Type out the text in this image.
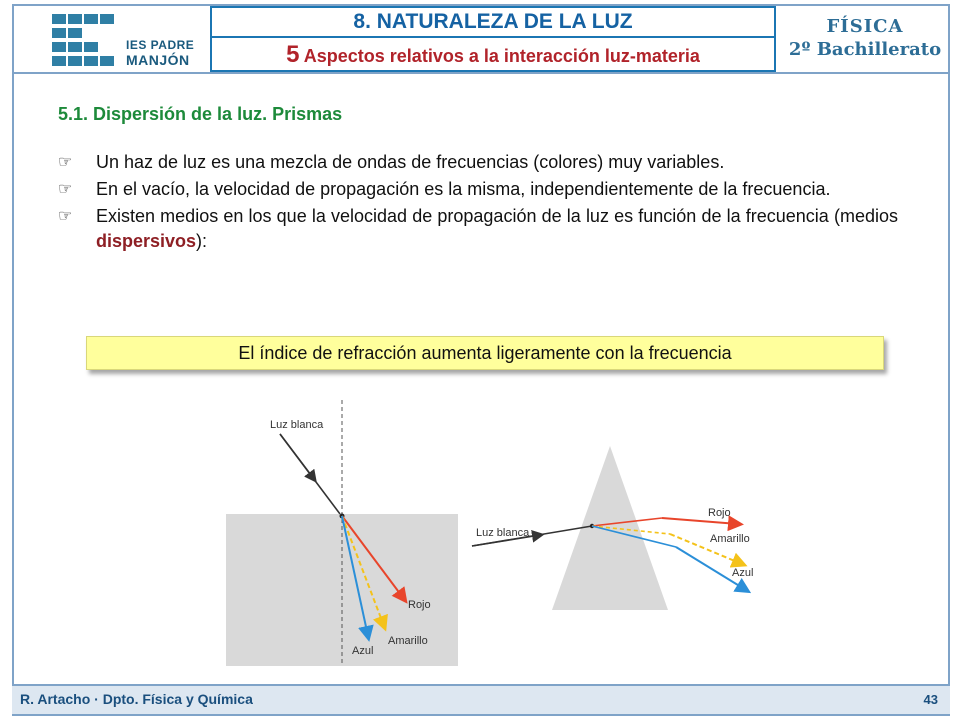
IES PADRE
MANJÓN
8. NATURALEZA DE LA LUZ
5 Aspectos relativos a la interacción luz-materia
FÍSICA
2º Bachillerato
5.1. Dispersión de la luz. Prismas
☞ Un haz de luz es una mezcla de ondas de frecuencias (colores) muy variables.
☞ En el vacío, la velocidad de propagación es la misma, independientemente de la frecuencia.
☞ Existen medios en los que la velocidad de propagación de la luz es función de la frecuencia (medios dispersivos):
El índice de refracción aumenta ligeramente con la frecuencia
Luz blanca
Rojo
Amarillo
Azul
Luz blanca
Rojo
Amarillo
Azul
R. Artacho · Dpto. Física y Química	43
